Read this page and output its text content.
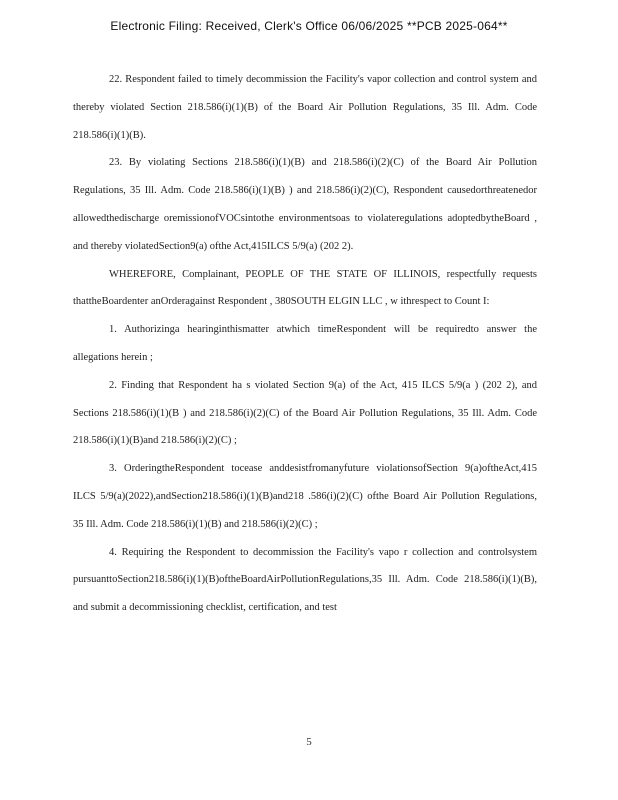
Electronic Filing: Received, Clerk's Office 06/06/2025 **PCB 2025-064**

22. Respondent failed to timely decommission the Facility's vapor collection and control system and thereby violated Section 218.586(i)(1)(B) of the Board Air Pollution Regulations, 35 Ill. Adm. Code 218.586(i)(1)(B).

23. By violating Sections 218.586(i)(1)(B) and 218.586(i)(2)(C) of the Board Air Pollution Regulations, 35 Ill. Adm. Code 218.586(i)(1)(B) ) and 218.586(i)(2)(C), Respondent causedorthreatenedor allowedthedischarge oremissionofVOCsintothe environmentsoas to violateregulations adoptedbytheBoard , and thereby violatedSection9(a) ofthe Act,415ILCS 5/9(a) (202 2).

WHEREFORE, Complainant, PEOPLE OF THE STATE OF ILLINOIS, respectfully requests thattheBoardenter anOrderagainst Respondent , 380SOUTH ELGIN LLC , w ithrespect to Count I:

1. Authorizinga hearinginthismatter atwhich timeRespondent will be requiredto answer the allegations herein ;

2. Finding that Respondent ha s violated Section 9(a) of the Act, 415 ILCS 5/9(a ) (202 2), and Sections 218.586(i)(1)(B ) and 218.586(i)(2)(C) of the Board Air Pollution Regulations, 35 Ill. Adm. Code 218.586(i)(1)(B)and 218.586(i)(2)(C) ;

3. OrderingtheRespondent tocease anddesistfromanyfuture violationsofSection 9(a)oftheAct,415 ILCS 5/9(a)(2022),andSection218.586(i)(1)(B)and218 .586(i)(2)(C) ofthe Board Air Pollution Regulations, 35 Ill. Adm. Code 218.586(i)(1)(B) and 218.586(i)(2)(C) ;

4. Requiring the Respondent to decommission the Facility's vapo r collection and controlsystem pursuanttoSection218.586(i)(1)(B)oftheBoardAirPollutionRegulations,35 Ill. Adm. Code 218.586(i)(1)(B), and submit a decommissioning checklist, certification, and test

5
